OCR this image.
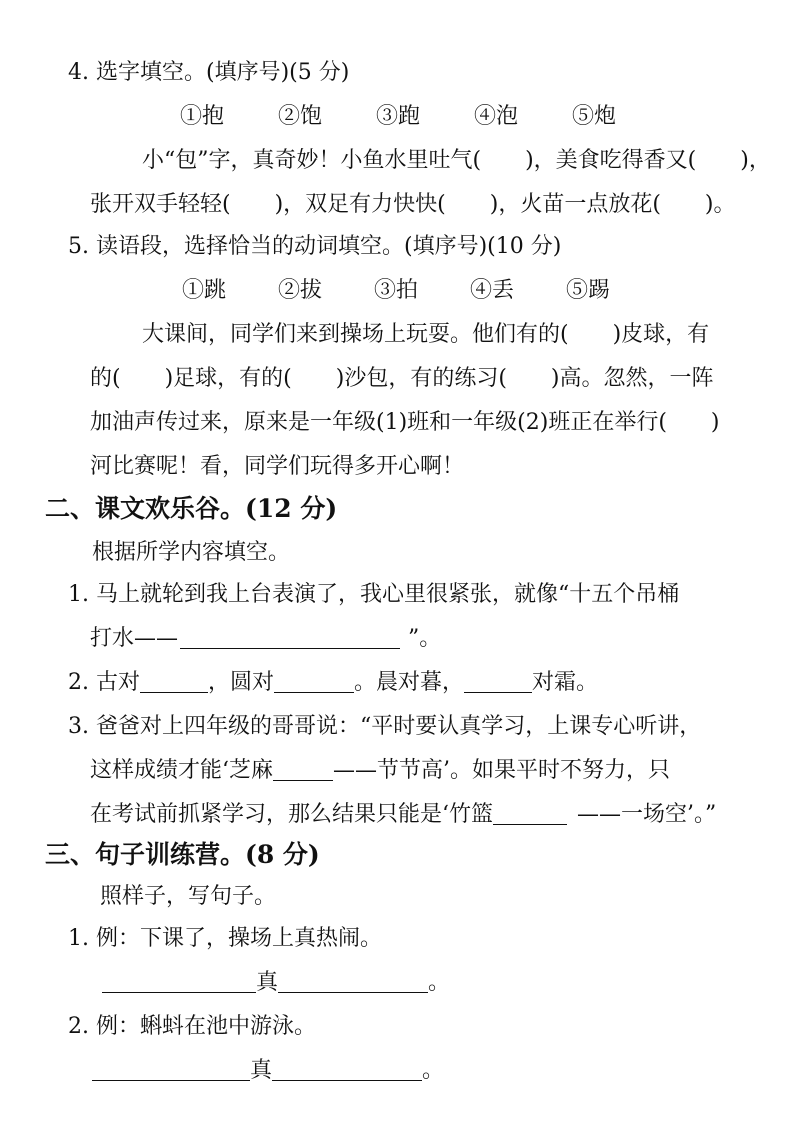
4. 选字填空。(填序号)(5 分)
①抱 ②饱 ③跑 ④泡 ⑤炮
小“包”字，真奇妙！小鱼水里吐气(　　)，美食吃得香又(　　)，
张开双手轻轻(　　)，双足有力快快(　　)，火苗一点放花(　　)。
5. 读语段，选择恰当的动词填空。(填序号)(10 分)
①跳 ②拔 ③拍 ④丢 ⑤踢
大课间，同学们来到操场上玩耍。他们有的(　　)皮球，有
的(　　)足球，有的(　　)沙包，有的练习(　　)高。忽然，一阵
加油声传过来，原来是一年级(1)班和一年级(2)班正在举行(　　)
河比赛呢！看，同学们玩得多开心啊！
二、课文欢乐谷。(12 分)
根据所学内容填空。
1. 马上就轮到我上台表演了，我心里很紧张，就像“十五个吊桶
打水——	”。
2. 古对	，圆对	。晨对暮，	对霜。
3. 爸爸对上四年级的哥哥说：“平时要认真学习，上课专心听讲，
这样成绩才能‘芝麻	——节节高’。如果平时不努力，只
在考试前抓紧学习，那么结果只能是‘竹篮	——一场空’。”
三、句子训练营。(8 分)
照样子，写句子。
1. 例：下课了，操场上真热闹。
真	。
2. 例：蝌蚪在池中游泳。
真	。
